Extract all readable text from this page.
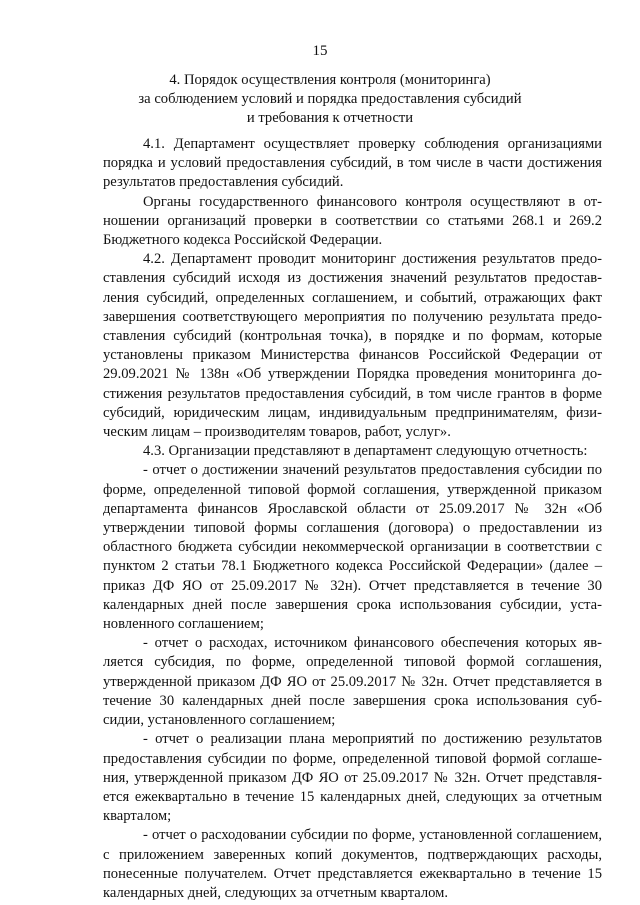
15
4. Порядок осуществления контроля (мониторинга)
за соблюдением условий и порядка предоставления субсидий
и требования к отчетности

4.1. Департамент осуществляет проверку соблюдения организациями порядка и условий предоставления субсидий, в том числе в части достижения результатов предоставления субсидий.

Органы государственного финансового контроля осуществляют в отношении организаций проверки в соответствии со статьями 268.1 и 269.2 Бюджетного кодекса Российской Федерации.

4.2. Департамент проводит мониторинг достижения результатов предоставления субсидий исходя из достижения значений результатов предоставления субсидий, определенных соглашением, и событий, отражающих факт завершения соответствующего мероприятия по получению результата предоставления субсидий (контрольная точка), в порядке и по формам, которые установлены приказом Министерства финансов Российской Федерации от 29.09.2021 № 138н «Об утверждении Порядка проведения мониторинга достижения результатов предоставления субсидий, в том числе грантов в форме субсидий, юридическим лицам, индивидуальным предпринимателям, физическим лицам – производителям товаров, работ, услуг».

4.3. Организации представляют в департамент следующую отчетность:

- отчет о достижении значений результатов предоставления субсидии по форме, определенной типовой формой соглашения, утвержденной приказом департамента финансов Ярославской области от 25.09.2017 № 32н «Об утверждении типовой формы соглашения (договора) о предоставлении из областного бюджета субсидии некоммерческой организации в соответствии с пунктом 2 статьи 78.1 Бюджетного кодекса Российской Федерации» (далее – приказ ДФ ЯО от 25.09.2017 № 32н). Отчет представляется в течение 30 календарных дней после завершения срока использования субсидии, установленного соглашением;

- отчет о расходах, источником финансового обеспечения которых является субсидия, по форме, определенной типовой формой соглашения, утвержденной приказом ДФ ЯО от 25.09.2017 № 32н. Отчет представляется в течение 30 календарных дней после завершения срока использования субсидии, установленного соглашением;

- отчет о реализации плана мероприятий по достижению результатов предоставления субсидии по форме, определенной типовой формой соглашения, утвержденной приказом ДФ ЯО от 25.09.2017 № 32н. Отчет представляется ежеквартально в течение 15 календарных дней, следующих за отчетным кварталом;

- отчет о расходовании субсидии по форме, установленной соглашением, с приложением заверенных копий документов, подтверждающих расходы, понесенные получателем. Отчет представляется ежеквартально в течение 15 календарных дней, следующих за отчетным кварталом.
